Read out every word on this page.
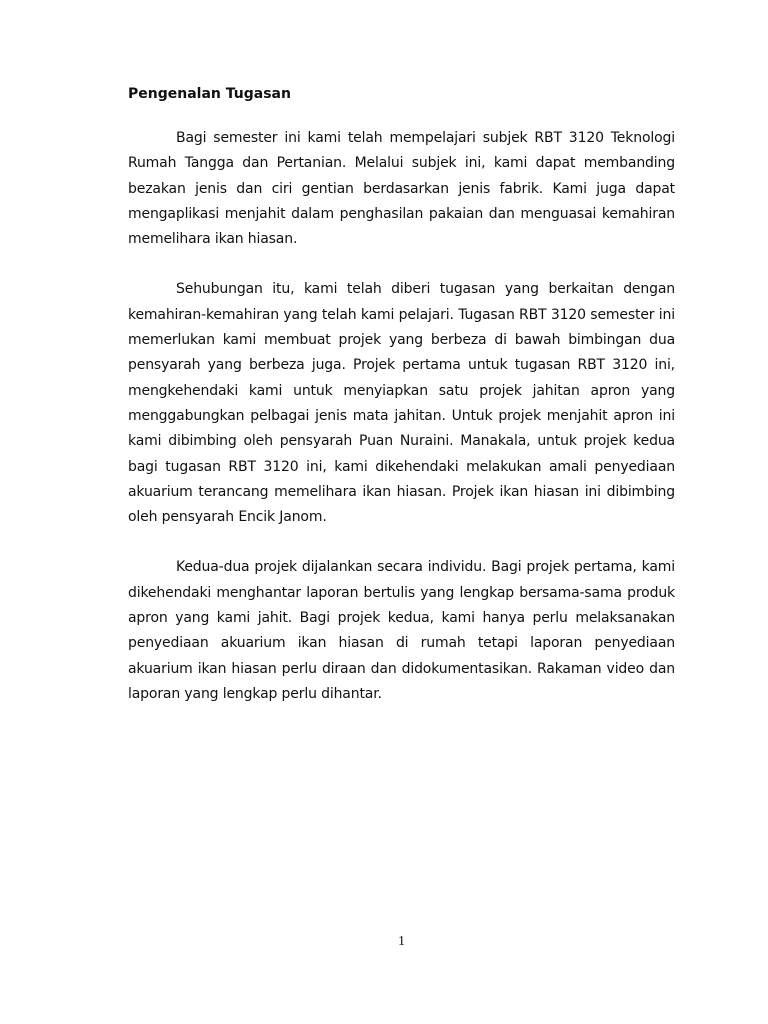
Pengenalan Tugasan

Bagi semester ini kami telah mempelajari subjek RBT 3120 Teknologi Rumah Tangga dan Pertanian. Melalui subjek ini, kami dapat membanding bezakan jenis dan ciri gentian berdasarkan jenis fabrik. Kami juga dapat mengaplikasi menjahit dalam penghasilan pakaian dan menguasai kemahiran memelihara ikan hiasan.

Sehubungan itu, kami telah diberi tugasan yang berkaitan dengan kemahiran-kemahiran yang telah kami pelajari. Tugasan RBT 3120 semester ini memerlukan kami membuat projek yang berbeza di bawah bimbingan dua pensyarah yang berbeza juga. Projek pertama untuk tugasan RBT 3120 ini, mengkehendaki kami untuk menyiapkan satu projek jahitan apron yang menggabungkan pelbagai jenis mata jahitan. Untuk projek menjahit apron ini kami dibimbing oleh pensyarah Puan Nuraini. Manakala, untuk projek kedua bagi tugasan RBT 3120 ini, kami dikehendaki melakukan amali penyediaan akuarium terancang memelihara ikan hiasan. Projek ikan hiasan ini dibimbing oleh pensyarah Encik Janom.

Kedua-dua projek dijalankan secara individu. Bagi projek pertama, kami dikehendaki menghantar laporan bertulis yang lengkap bersama-sama produk apron yang kami jahit. Bagi projek kedua, kami hanya perlu melaksanakan penyediaan akuarium ikan hiasan di rumah tetapi laporan penyediaan akuarium ikan hiasan perlu diraan dan didokumentasikan. Rakaman video dan laporan yang lengkap perlu dihantar.

1
